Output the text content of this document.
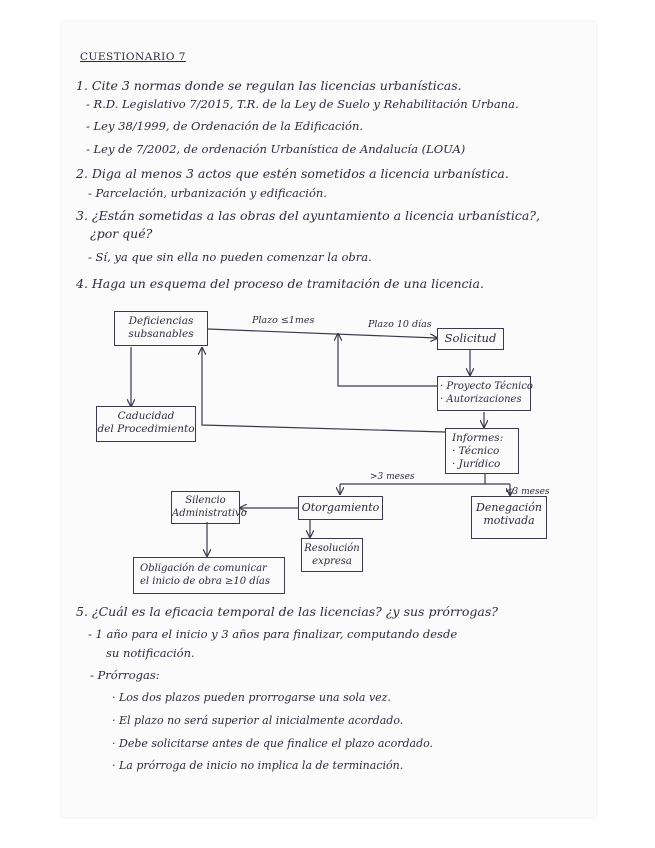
CUESTIONARIO 7
1. Cite 3 normas donde se regulan las licencias urbanísticas.
- R.D. Legislativo 7/2015, T.R. de la Ley de Suelo y Rehabilitación Urbana.
- Ley 38/1999, de Ordenación de la Edificación.
- Ley de 7/2002, de ordenación Urbanística de Andalucía (LOUA)
2. Diga al menos 3 actos que estén sometidos a licencia urbanística.
- Parcelación, urbanización y edificación.
3. ¿Están sometidas a las obras del ayuntamiento a licencia urbanística?,
¿por qué?
- Sí, ya que sin ella no pueden comenzar la obra.
4. Haga un esquema del proceso de tramitación de una licencia.
Plazo ≤1mes	Plazo 10 días
>3 meses
<3 meses
Deficiencias
subsanables	Solicitud
· Proyecto Técnico
· Autorizaciones
Caducidad
del Procedimiento
Informes:
· Técnico
· Jurídico
Silencio
Administrativo	Otorgamiento	Denegación
motivada
Resolución
expresa
Obligación de comunicar
el inicio de obra ≥10 días
5. ¿Cuál es la eficacia temporal de las licencias? ¿y sus prórrogas?
- 1 año para el inicio y 3 años para finalizar, computando desde
su notificación.
- Prórrogas:
· Los dos plazos pueden prorrogarse una sola vez.
· El plazo no será superior al inicialmente acordado.
· Debe solicitarse antes de que finalice el plazo acordado.
· La prórroga de inicio no implica la de terminación.
